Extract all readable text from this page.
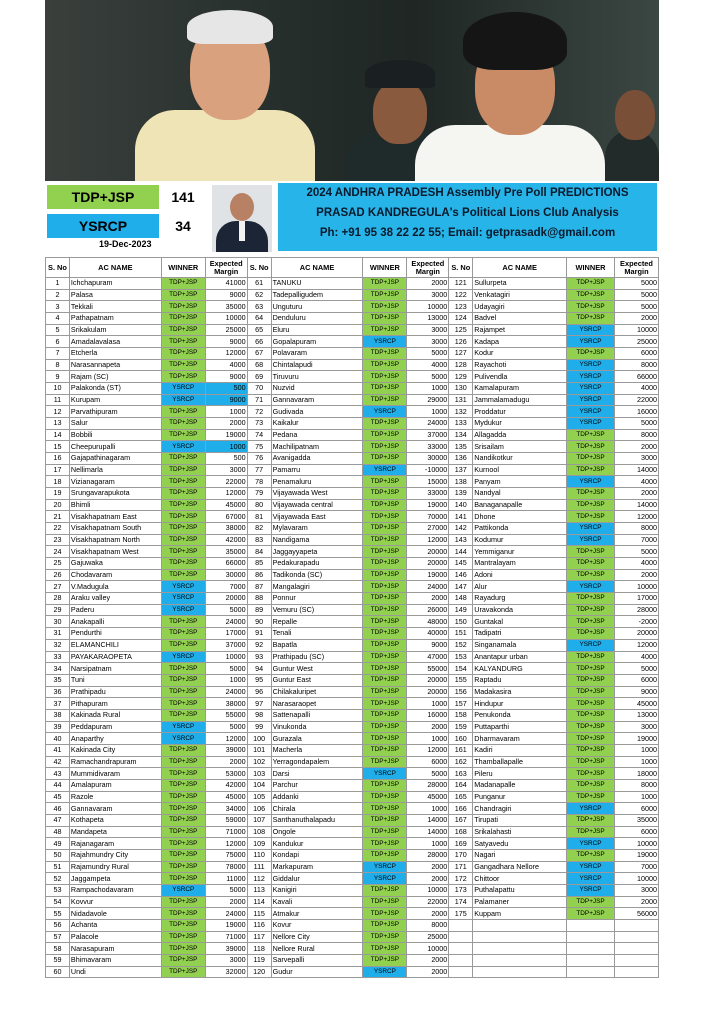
TDP+JSP	141
YSRCP	34
19-Dec-2023
2024 ANDHRA PRADESH Assembly Pre Poll PREDICTIONS
PRASAD KANDREGULA's Political Lions Club Analysis
Ph: +91 95 38 22 22 55; Email: getprasadk@gmail.com
S. No	AC NAME	WINNER	Expected Margin	S. No	AC NAME	WINNER	Expected Margin	S. No	AC NAME	WINNER	Expected Margin
1	Ichchapuram	TDP+JSP	41000	61	TANUKU	TDP+JSP	2000	121	Sullurpeta	TDP+JSP	5000
2	Palasa	TDP+JSP	9000	62	Tadepalligudem	TDP+JSP	3000	122	Venkatagiri	TDP+JSP	5000
3	Tekkali	TDP+JSP	35000	63	Unguturu	TDP+JSP	10000	123	Udayagiri	TDP+JSP	5000
4	Pathapatnam	TDP+JSP	10000	64	Denduluru	TDP+JSP	13000	124	Badvel	TDP+JSP	2000
5	Srikakulam	TDP+JSP	25000	65	Eluru	TDP+JSP	3000	125	Rajampet	YSRCP	10000
6	Amadalavalasa	TDP+JSP	9000	66	Gopalapuram	YSRCP	3000	126	Kadapa	YSRCP	25000
7	Etcherla	TDP+JSP	12000	67	Polavaram	TDP+JSP	5000	127	Kodur	TDP+JSP	6000
8	Narasannapeta	TDP+JSP	4000	68	Chintalapudi	TDP+JSP	4000	128	Rayachoti	YSRCP	8000
9	Rajam (SC)	TDP+JSP	9000	69	Tiruvuru	TDP+JSP	5000	129	Pulivendla	YSRCP	66000
10	Palakonda (ST)	YSRCP	500	70	Nuzvid	TDP+JSP	1000	130	Kamalapuram	YSRCP	4000
11	Kurupam	YSRCP	9000	71	Gannavaram	TDP+JSP	29000	131	Jammalamadugu	YSRCP	22000
12	Parvathipuram	TDP+JSP	1000	72	Gudivada	YSRCP	1000	132	Proddatur	YSRCP	16000
13	Salur	TDP+JSP	2000	73	Kaikalur	TDP+JSP	24000	133	Mydukur	YSRCP	5000
14	Bobbili	TDP+JSP	19000	74	Pedana	TDP+JSP	37000	134	Allagadda	TDP+JSP	8000
15	Cheepurupalli	YSRCP	1000	75	Machilipatnam	TDP+JSP	33000	135	Srisailam	TDP+JSP	2000
16	Gajapathinagaram	TDP+JSP	500	76	Avanigadda	TDP+JSP	30000	136	Nandikotkur	TDP+JSP	3000
17	Nellimarla	TDP+JSP	3000	77	Pamarru	YSRCP	-10000	137	Kurnool	TDP+JSP	14000
18	Vizianagaram	TDP+JSP	22000	78	Penamaluru	TDP+JSP	15000	138	Panyam	YSRCP	4000
19	Srungavarapukota	TDP+JSP	12000	79	Vijayawada West	TDP+JSP	33000	139	Nandyal	TDP+JSP	2000
20	Bhimli	TDP+JSP	45000	80	Vijayawada central	TDP+JSP	19000	140	Banaganapalle	TDP+JSP	14000
21	Visakhapatnam East	TDP+JSP	67000	81	Vijayawada East	TDP+JSP	70000	141	Dhone	TDP+JSP	12000
22	Visakhapatnam South	TDP+JSP	38000	82	Mylavaram	TDP+JSP	27000	142	Pattikonda	YSRCP	8000
23	Visakhapatnam North	TDP+JSP	42000	83	Nandigama	TDP+JSP	12000	143	Kodumur	YSRCP	7000
24	Visakhapatnam West	TDP+JSP	35000	84	Jaggayyapeta	TDP+JSP	20000	144	Yemmiganur	TDP+JSP	5000
25	Gajuwaka	TDP+JSP	66000	85	Pedakurapadu	TDP+JSP	20000	145	Mantralayam	TDP+JSP	4000
26	Chodavaram	TDP+JSP	30000	86	Tadikonda (SC)	TDP+JSP	19000	146	Adoni	TDP+JSP	2000
27	V.Madugula	YSRCP	7000	87	Mangalagiri	TDP+JSP	24000	147	Alur	YSRCP	10000
28	Araku valley	YSRCP	20000	88	Ponnur	TDP+JSP	2000	148	Rayadurg	TDP+JSP	17000
29	Paderu	YSRCP	5000	89	Vemuru (SC)	TDP+JSP	26000	149	Uravakonda	TDP+JSP	28000
30	Anakapalli	TDP+JSP	24000	90	Repalle	TDP+JSP	48000	150	Guntakal	TDP+JSP	-2000
31	Pendurthi	TDP+JSP	17000	91	Tenali	TDP+JSP	40000	151	Tadipatri	TDP+JSP	20000
32	ELAMANCHILI	TDP+JSP	37000	92	Bapatla	TDP+JSP	9000	152	Singanamala	YSRCP	12000
33	PAYAKARAOPETA	YSRCP	10000	93	Prathipadu (SC)	TDP+JSP	47000	153	Anantapur urban	TDP+JSP	4000
34	Narsipatnam	TDP+JSP	5000	94	Guntur West	TDP+JSP	55000	154	KALYANDURG	TDP+JSP	5000
35	Tuni	TDP+JSP	1000	95	Guntur East	TDP+JSP	20000	155	Raptadu	TDP+JSP	6000
36	Prathipadu	TDP+JSP	24000	96	Chilakaluripet	TDP+JSP	20000	156	Madakasira	TDP+JSP	9000
37	Pithapuram	TDP+JSP	38000	97	Narasaraopet	TDP+JSP	1000	157	Hindupur	TDP+JSP	45000
38	Kakinada Rural	TDP+JSP	55000	98	Sattenapalli	TDP+JSP	16000	158	Penukonda	TDP+JSP	13000
39	Peddapuram	YSRCP	5000	99	Vinukonda	TDP+JSP	2000	159	Puttaparthi	TDP+JSP	3000
40	Anaparthy	YSRCP	12000	100	Gurazala	TDP+JSP	1000	160	Dharmavaram	TDP+JSP	19000
41	Kakinada City	TDP+JSP	39000	101	Macherla	TDP+JSP	12000	161	Kadiri	TDP+JSP	1000
42	Ramachandrapuram	TDP+JSP	2000	102	Yerragondapalem	TDP+JSP	6000	162	Thamballapalle	TDP+JSP	1000
43	Mummidivaram	TDP+JSP	53000	103	Darsi	YSRCP	5000	163	Pileru	TDP+JSP	18000
44	Amalapuram	TDP+JSP	42000	104	Parchur	TDP+JSP	28000	164	Madanapalle	TDP+JSP	8000
45	Razole	TDP+JSP	45000	105	Addanki	TDP+JSP	45000	165	Punganur	TDP+JSP	1000
46	Gannavaram	TDP+JSP	34000	106	Chirala	TDP+JSP	1000	166	Chandragiri	YSRCP	6000
47	Kothapeta	TDP+JSP	59000	107	Santhanuthalapadu	TDP+JSP	14000	167	Tirupati	TDP+JSP	35000
48	Mandapeta	TDP+JSP	71000	108	Ongole	TDP+JSP	14000	168	Srikalahasti	TDP+JSP	6000
49	Rajanagaram	TDP+JSP	12000	109	Kandukur	TDP+JSP	1000	169	Satyavedu	YSRCP	10000
50	Rajahmundry City	TDP+JSP	75000	110	Kondapi	TDP+JSP	28000	170	Nagari	TDP+JSP	19000
51	Rajamundry Rural	TDP+JSP	78000	111	Markapuram	YSRCP	2000	171	Gangadhara Nellore	YSRCP	7000
52	Jaggampeta	TDP+JSP	11000	112	Giddalur	YSRCP	2000	172	Chittoor	YSRCP	10000
53	Rampachodavaram	YSRCP	5000	113	Kanigiri	TDP+JSP	10000	173	Puthalapattu	YSRCP	3000
54	Kovvur	TDP+JSP	2000	114	Kavali	TDP+JSP	22000	174	Palamaner	TDP+JSP	2000
55	Nidadavole	TDP+JSP	24000	115	Atmakur	TDP+JSP	2000	175	Kuppam	TDP+JSP	56000
56	Achanta	TDP+JSP	19000	116	Kovur	TDP+JSP	8000				
57	Palacole	TDP+JSP	71000	117	Nellore City	TDP+JSP	25000				
58	Narasapuram	TDP+JSP	39000	118	Nellore Rural	TDP+JSP	10000				
59	Bhimavaram	TDP+JSP	3000	119	Sarvepalli	TDP+JSP	2000				
60	Undi	TDP+JSP	32000	120	Gudur	YSRCP	2000				
